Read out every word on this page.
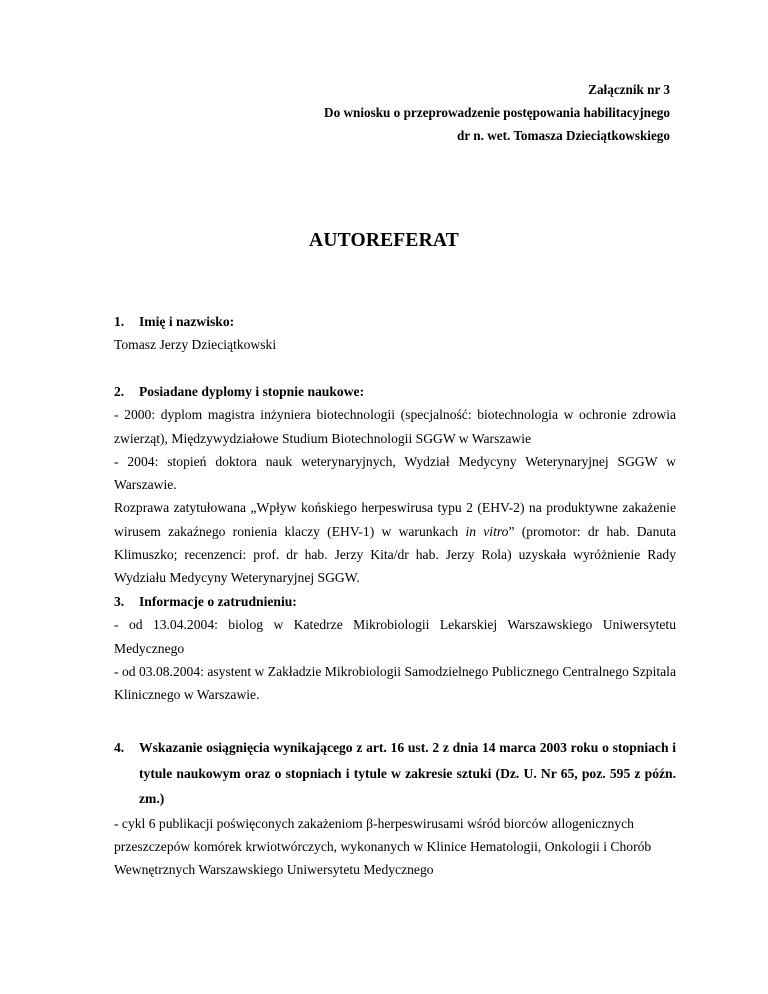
Załącznik nr 3
Do wniosku o przeprowadzenie postępowania habilitacyjnego
dr n. wet. Tomasza Dzieciątkowskiego
AUTOREFERAT
1.	Imię i nazwisko:

Tomasz Jerzy Dzieciątkowski

2.	Posiadane dyplomy i stopnie naukowe:

- 2000: dyplom magistra inżyniera biotechnologii (specjalność: biotechnologia w ochronie zdrowia zwierząt), Międzywydziałowe Studium Biotechnologii SGGW w Warszawie

- 2004: stopień doktora nauk weterynaryjnych, Wydział Medycyny Weterynaryjnej SGGW w Warszawie.

Rozprawa zatytułowana „Wpływ końskiego herpeswirusa typu 2 (EHV-2) na produktywne zakażenie wirusem zakaźnego ronienia klaczy (EHV-1) w warunkach in vitro” (promotor: dr hab. Danuta Klimuszko; recenzenci: prof. dr hab. Jerzy Kita/dr hab. Jerzy Rola) uzyskała wyróżnienie Rady Wydziału Medycyny Weterynaryjnej SGGW.

3.	Informacje o zatrudnieniu:

- od 13.04.2004: biolog w Katedrze Mikrobiologii Lekarskiej Warszawskiego Uniwersytetu Medycznego

- od 03.08.2004: asystent w Zakładzie Mikrobiologii Samodzielnego Publicznego Centralnego Szpitala Klinicznego w Warszawie.

4.	Wskazanie osiągnięcia wynikającego z art. 16 ust. 2 z dnia 14 marca 2003 roku o stopniach i tytule naukowym oraz o stopniach i tytule w zakresie sztuki (Dz. U. Nr 65, poz. 595 z późn. zm.)

- cykl 6 publikacji poświęconych zakażeniom β-herpeswirusami wśród biorców allogenicznych przeszczepów komórek krwiotwórczych, wykonanych w Klinice Hematologii, Onkologii i Chorób Wewnętrznych Warszawskiego Uniwersytetu Medycznego
